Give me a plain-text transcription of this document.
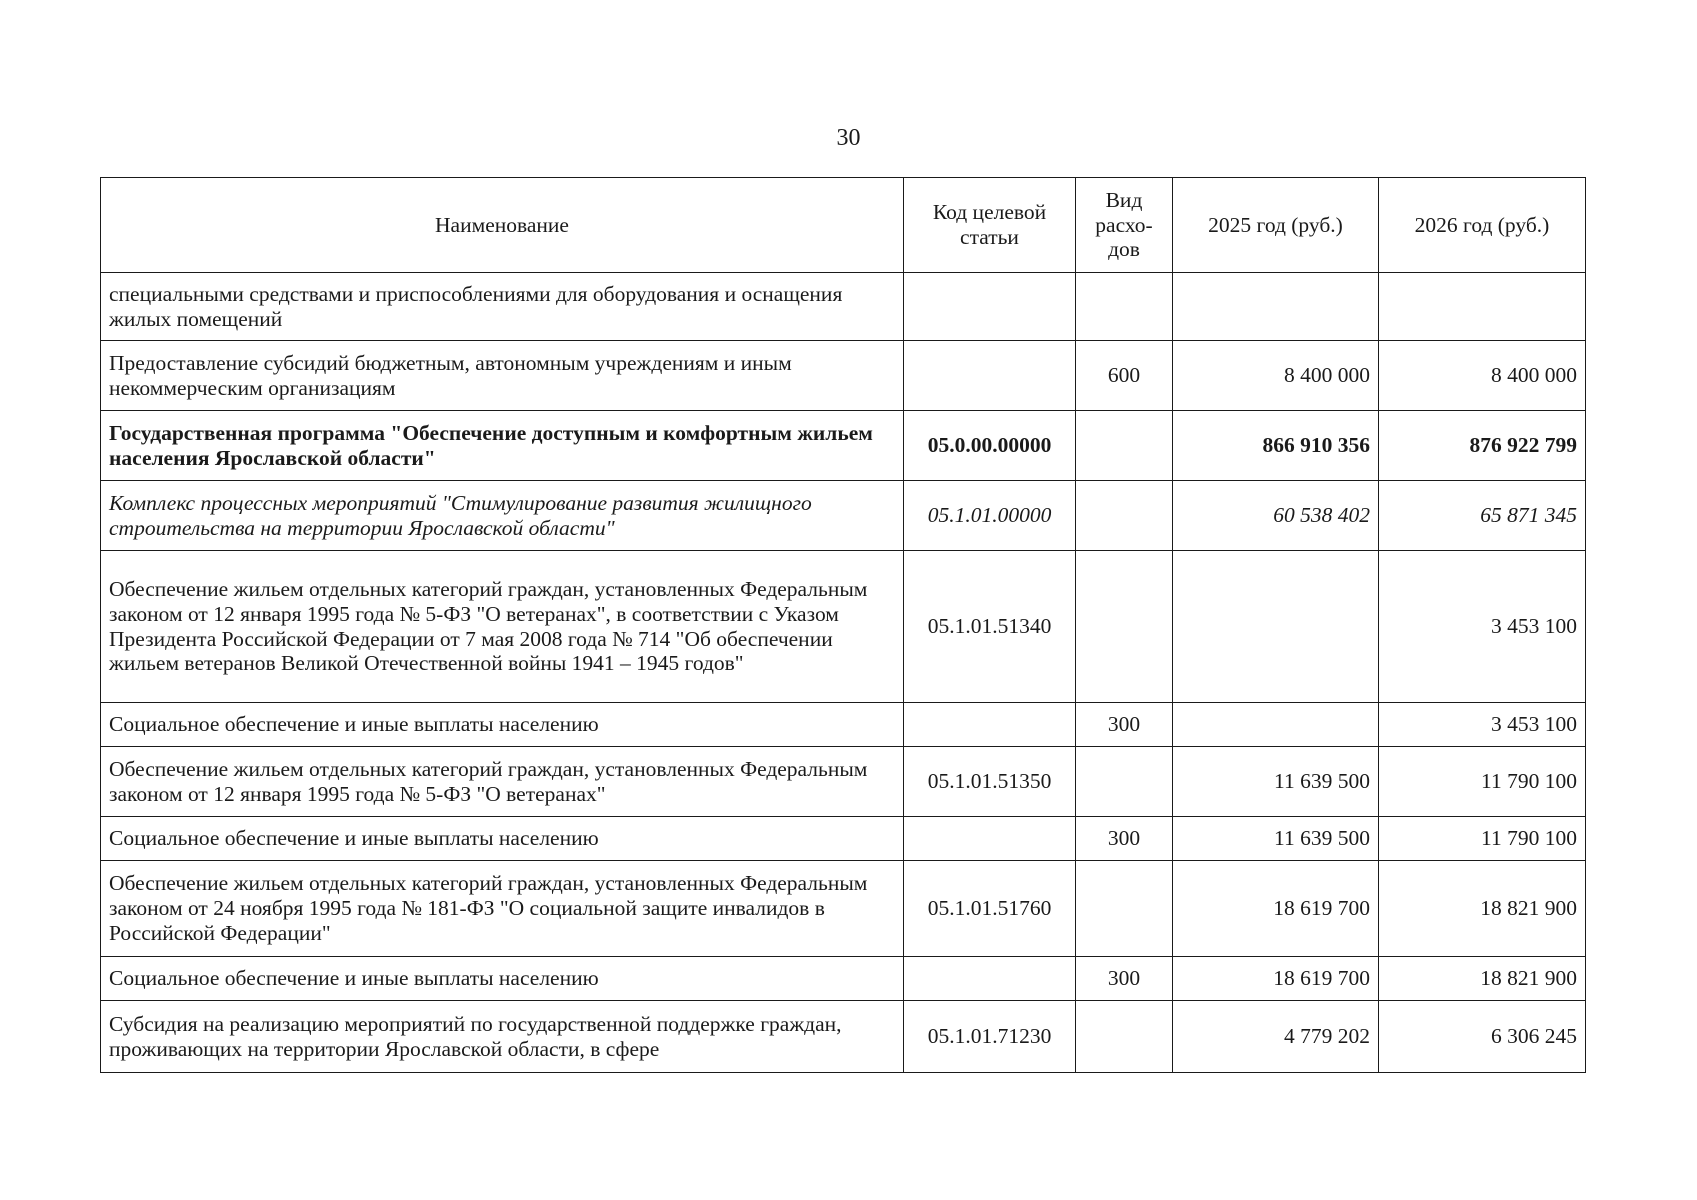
30
Наименование	Код целевой статьи	Вид расхо-дов	2025 год (руб.)	2026 год (руб.)
специальными средствами и приспособлениями для оборудования и оснащения жилых помещений				
Предоставление субсидий бюджетным, автономным учреждениям и иным некоммерческим организациям		600	8 400 000	8 400 000
Государственная программа "Обеспечение доступным и комфортным жильем населения Ярославской области"	05.0.00.00000		866 910 356	876 922 799
Комплекс процессных мероприятий "Стимулирование развития жилищного строительства на территории Ярославской области"	05.1.01.00000		60 538 402	65 871 345
Обеспечение жильем отдельных категорий граждан, установленных Федеральным законом от 12 января 1995 года № 5-ФЗ "О ветеранах", в соответствии с Указом Президента Российской Федерации от 7 мая 2008 года № 714 "Об обеспечении жильем ветеранов Великой Отечественной войны 1941 – 1945 годов"	05.1.01.51340			3 453 100
Социальное обеспечение и иные выплаты населению		300		3 453 100
Обеспечение жильем отдельных категорий граждан, установленных Федеральным законом от 12 января 1995 года № 5-ФЗ "О ветеранах"	05.1.01.51350		11 639 500	11 790 100
Социальное обеспечение и иные выплаты населению		300	11 639 500	11 790 100
Обеспечение жильем отдельных категорий граждан, установленных Федеральным законом от 24 ноября 1995 года № 181-ФЗ "О социальной защите инвалидов в Российской Федерации"	05.1.01.51760		18 619 700	18 821 900
Социальное обеспечение и иные выплаты населению		300	18 619 700	18 821 900
Субсидия на реализацию мероприятий по государственной поддержке граждан, проживающих на территории Ярославской области, в сфере	05.1.01.71230		4 779 202	6 306 245
